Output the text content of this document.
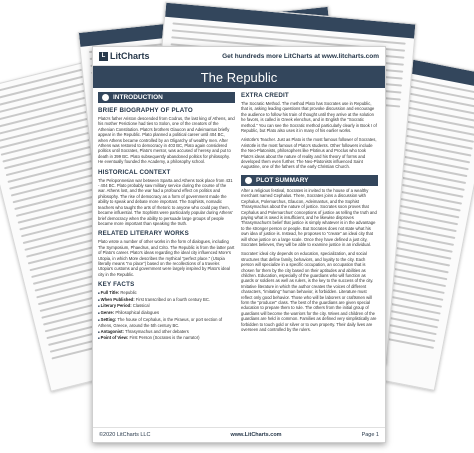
L LitCharts	Get hundreds more LitCharts at www.litcharts.com
The Republic
INTRODUCTION
BRIEF BIOGRAPHY OF PLATO
Plato's father Ariston descended from Codrus, the last king of Athens, and his mother Perictione had ties to Solon, one of the creators of the Athenian Constitution. Plato's brothers Glaucon and Adeimantus briefly appear in the Republic. Plato planned a political career until 404 BC, when Athens became controlled by an Oligarchy of wealthy men. After Athens was restored to democracy in 403 BC, Plato again considered politics until Socrates, Plato's mentor, was accused of heresy and put to death in 399 BC. Plato subsequently abandoned politics for philosophy. He eventually founded the Academy, a philosophy school.
HISTORICAL CONTEXT
The Peloponnesian war between Sparta and Athens took place from 431 - 404 BC. Plato probably saw military service during the course of the war. Athens lost, and the war had a profound effect on politics and philosophy. The rise of democracy as a form of government made the ability to speak and debate more important. The Sophists, nomadic teachers who taught the arts of rhetoric to anyone who could pay them, became influential. The Sophists were particularly popular during Athens' brief democracy when the ability to persuade large groups of people became more important than speaking the truth.
RELATED LITERARY WORKS
Plato wrote a number of other works in the form of dialogues, including The Symposium, Phaedrus, and Crito. The Republic is from the latter part of Plato's career. Plato's ideas regarding the ideal city influenced More's Utopia, in which More describes the mythical "perfect place." (Utopia literally means "no place") based on the recollections of a traveler. Utopia's customs and government were largely inspired by Plato's ideal city in the Republic.
KEY FACTS
■ Full Title: Republic
■ When Published: First transcribed on a fourth century BC.
■ Literary Period: Classical
■ Genre: Philosophical dialogues
■ Setting: The house of Cephalus, in the Piraeus, or port section of Athens, Greece, around the 5th century BC.
■ Antagonist: Thrasymachus and other debaters
■ Point of View: First Person (Socrates is the narrator)
EXTRA CREDIT
The Socratic Method. The method Plato has Socrates use in Republic, that is, asking leading questions that provoke discussion and encourage the audience to follow his train of thought until they arrive at the solution he favors, is called in Greek elenchus, and in English the "Socratic method." You can see the Socratic method particularly clearly in Book I of Republic, but Plato also uses it in many of his earlier works.
Aristotle's Teacher. Just as Plato is the most famous follower of Socrates, Aristotle is the most famous of Plato's students. Other followers include the Neo-Platonists, philosophers like Plotinus and Proclus who took Plato's ideas about the nature of reality and his theory of forms and developed them even further. The Neo-Platonists influenced Saint Augustine, one of the fathers of the early Christian Church.
PLOT SUMMARY
After a religious festival, Socrates is invited to the house of a wealthy merchant named Cephalus. There, Socrates joins a discussion with Cephalus, Polemarchus, Glaucon, Adeimantus, and the Sophist Thrasymachus about the nature of justice. Socrates soon proves that Cephalus and Polemarchus' conceptions of justice as telling the truth and paying what is owed is insufficient, and he likewise disproves Thrasymachus's belief that justice is simply whatever is in the advantage to the stronger person or people. But Socrates does not state what his own idea of justice is. Instead, he proposes to "create" an ideal city that will show justice on a large scale. Once they have defined a just city, Socrates believes, they will be able to examine justice in an individual.
Socrates' ideal city depends on education, specialization, and social structures that define family, behaviors, and loyalty to the city. Each person will specialize in a specific occupation, an occupation that is chosen for them by the city based on their aptitudes and abilities as children. Education, especially of the guardians who will function as guards or soldiers as well as rulers, is the key to the success of the city. Imitative literature in which the author creates the voices of different characters, "imitating" human behavior, is forbidden. Literature must reflect only good behavior. Those who will be laborers or craftsmen will form the "producer" class. The best of the guardians are given special education to prepare them to rule. The others from the initial group of guardians will become the warriors for the city. Wives and children of the guardians are held in common. Families as defined very simplistically are forbidden to touch gold or silver or to own property. Their daily lives are overseen and controlled by the rulers.
©2020 LitCharts LLC	www.LitCharts.com	Page 1
